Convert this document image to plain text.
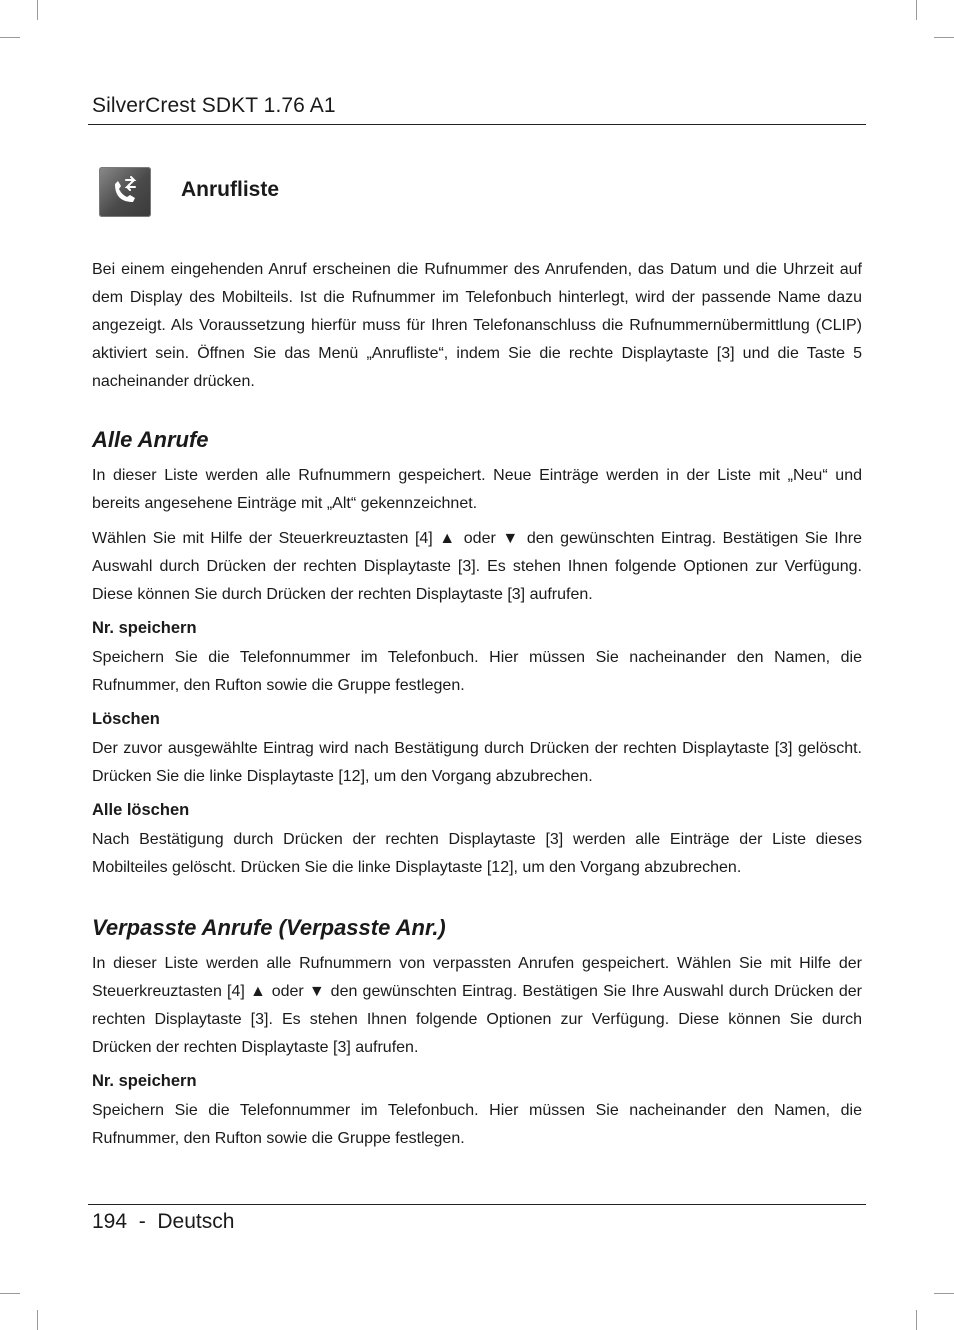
SilverCrest SDKT 1.76 A1
Anrufliste

Bei einem eingehenden Anruf erscheinen die Rufnummer des Anrufenden, das Datum und die Uhrzeit auf dem Display des Mobilteils. Ist die Rufnummer im Telefonbuch hinterlegt, wird der passende Name dazu angezeigt. Als Voraussetzung hierfür muss für Ihren Telefonanschluss die Rufnummernübermittlung (CLIP) aktiviert sein. Öffnen Sie das Menü „Anrufliste“, indem Sie die rechte Displaytaste [3] und die Taste 5 nacheinander drücken.

Alle Anrufe

In dieser Liste werden alle Rufnummern gespeichert. Neue Einträge werden in der Liste mit „Neu“ und bereits angesehene Einträge mit „Alt“ gekennzeichnet.

Wählen Sie mit Hilfe der Steuerkreuztasten [4] ▲ oder ▼ den gewünschten Eintrag. Bestätigen Sie Ihre Auswahl durch Drücken der rechten Displaytaste [3]. Es stehen Ihnen folgende Optionen zur Verfügung. Diese können Sie durch Drücken der rechten Displaytaste [3] aufrufen.

Nr. speichern

Speichern Sie die Telefonnummer im Telefonbuch. Hier müssen Sie nacheinander den Namen, die Rufnummer, den Rufton sowie die Gruppe festlegen.

Löschen

Der zuvor ausgewählte Eintrag wird nach Bestätigung durch Drücken der rechten Displaytaste [3] gelöscht. Drücken Sie die linke Displaytaste [12], um den Vorgang abzubrechen.

Alle löschen

Nach Bestätigung durch Drücken der rechten Displaytaste [3] werden alle Einträge der Liste dieses Mobilteiles gelöscht. Drücken Sie die linke Displaytaste [12], um den Vorgang abzubrechen.

Verpasste Anrufe (Verpasste Anr.)

In dieser Liste werden alle Rufnummern von verpassten Anrufen gespeichert. Wählen Sie mit Hilfe der Steuerkreuztasten [4] ▲ oder ▼ den gewünschten Eintrag. Bestätigen Sie Ihre Auswahl durch Drücken der rechten Displaytaste [3]. Es stehen Ihnen folgende Optionen zur Verfügung. Diese können Sie durch Drücken der rechten Displaytaste [3] aufrufen.

Nr. speichern

Speichern Sie die Telefonnummer im Telefonbuch. Hier müssen Sie nacheinander den Namen, die Rufnummer, den Rufton sowie die Gruppe festlegen.

194  -  Deutsch
